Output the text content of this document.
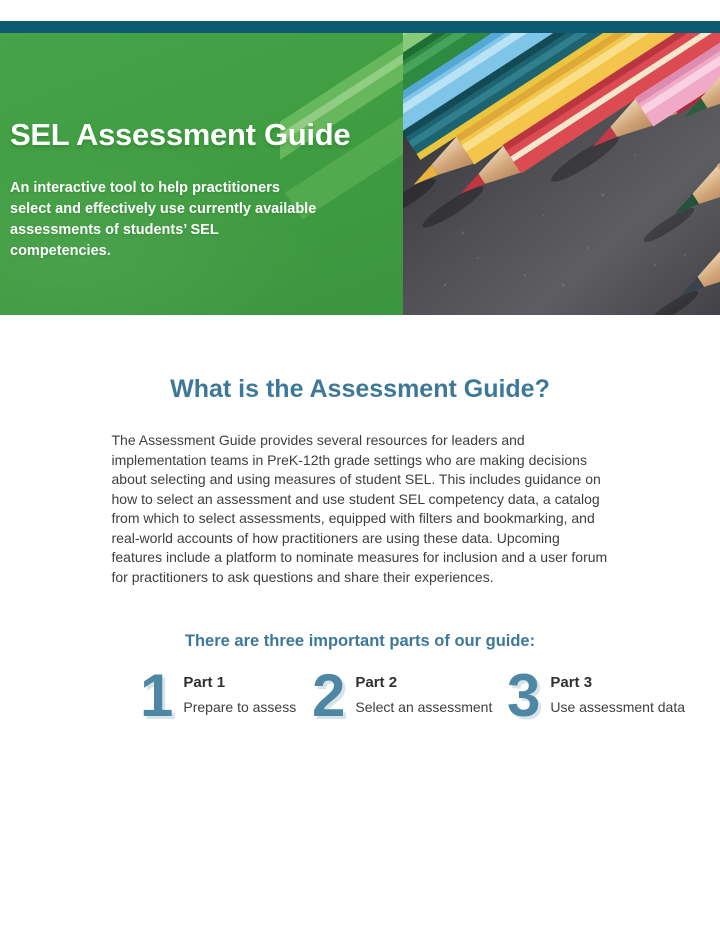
SEL Assessment Guide

An interactive tool to help practitioners select and effectively use currently available assessments of students’ SEL competencies.

What is the Assessment Guide?

The Assessment Guide provides several resources for leaders and implementation teams in PreK-12th grade settings who are making decisions about selecting and using measures of student SEL. This includes guidance on how to select an assessment and use student SEL competency data, a catalog from which to select assessments, equipped with filters and bookmarking, and real-world accounts of how practitioners are using these data. Upcoming features include a platform to nominate measures for inclusion and a user forum for practitioners to ask questions and share their experiences.

There are three important parts of our guide:
1 Part 1
Prepare to assess 2 Part 2
Select an assessment 3 Part 3
Use assessment data
